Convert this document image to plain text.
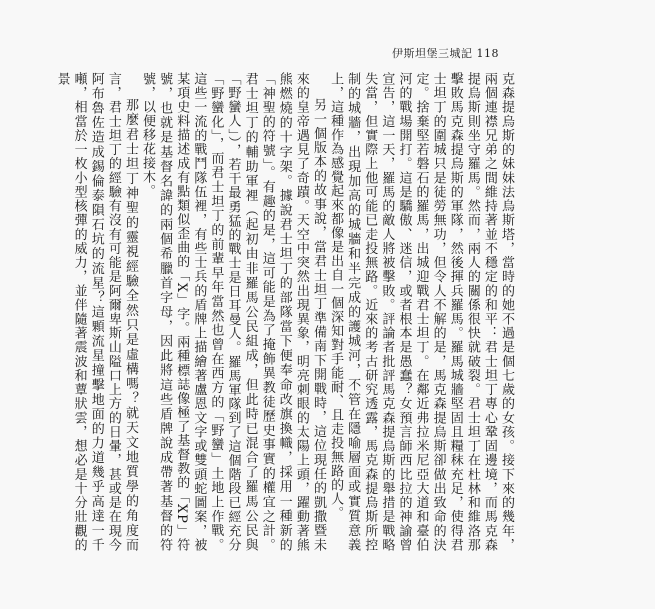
伊斯坦堡三城記 118

克森提烏斯的妹妹法烏斯塔，當時的她不過是個七歲的女孩。接下來的幾年，兩個連襟兄弟之間維持著並不穩定的和平：君士坦丁專心鞏固邊境，而馬克森提烏斯則坐守羅馬。然而，兩人的關係很快就破裂。君士坦丁在杜林和維洛那擊敗馬克森提烏斯的軍隊，然後揮兵羅馬。羅馬城牆堅固且糧秣充足，使得君士坦丁的圍城只是徒勞無功，但令人不解的是，馬克森提烏斯卻做出致命的決定。捨棄堅若磐石的羅馬，出城迎戰君士坦丁。在鄰近弗拉米尼亞大道和臺伯河的戰場開打。這是驕傲、迷信，或者根本是愚蠢？女預言師西比拉的神諭曾宣告，這一天，羅馬的敵人將被擊敗。評論者批評馬克森提烏斯的舉措是戰略失當，但實際上他可能已走投無路。近來的考古研究透露，馬克森提烏斯所控制的城牆，出現加高的城牆和半完成的護城河，不管在隱喻層面或實質意義上，這種作為感覺起來都像是出自一個深知對手能耐、且走投無路的人。

另一個版本的故事說，當君士坦丁準備南下開戰時，這位現任的凱撒暨未來的皇帝遇見了奇蹟。天空中突然出現異象，明亮刺眼的太陽上頭，躍動著熊熊燃燒的十字架。據說君士坦丁的部隊當下便奉命改旗換幟，採用一種新的「神聖的符號」。有趣的是，這可能是為了掩飾異教徒歷史事實的權宜之計。君士坦丁的輔助軍裡（起初由非羅馬公民組成，但此時已混合了羅馬公民與「野蠻人」），若干最勇猛的戰士是日耳曼人。羅馬軍隊到了這個階段已經充分「野蠻化」，而君士坦丁的前輩早年當然也曾在西方的「野蠻」土地上作戰。這些一流的戰鬥隊伍裡，有些士兵的盾牌上描繪著盧恩文字或雙頭蛇圖案，被某項史料描述成有點類似歪曲的「X」字。兩種標誌像極了基督教的「XP」符號，也就是基督名諱的兩個希臘首字母，因此將這些盾牌說成帶著基督的符號，以便移花接木。

那麼君士坦丁神聖的靈視經驗全然只是虛構嗎？就天文地質學的角度而言，君士坦丁的經驗有沒有可能是阿爾卑斯山隘口上方的日暈，甚或是在現今阿布魯佐造成錫倫泰隕石坑的流星？這顆流星撞擊地面的力道幾乎高達一千噸，相當於一枚小型核彈的威力，並伴隨著震波和蕈狀雲，想必是十分壯觀的景
